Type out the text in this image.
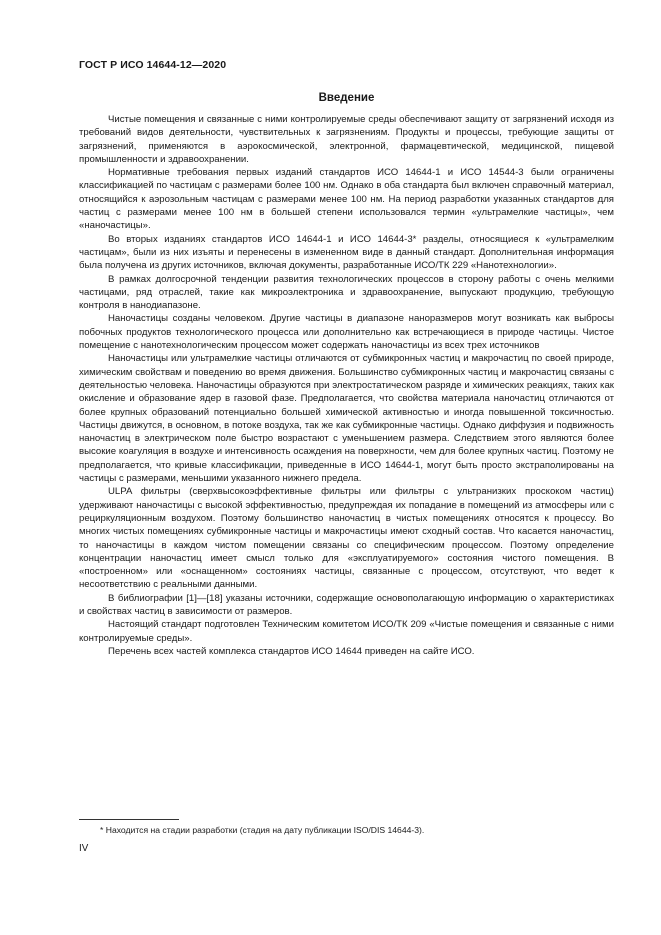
ГОСТ Р ИСО 14644-12—2020
Введение

Чистые помещения и связанные с ними контролируемые среды обеспечивают защиту от загрязнений исходя из требований видов деятельности, чувствительных к загрязнениям. Продукты и процессы, требующие защиты от загрязнений, применяются в аэрокосмической, электронной, фармацевтической, медицинской, пищевой промышленности и здравоохранении.

Нормативные требования первых изданий стандартов ИСО 14644-1 и ИСО 14544-3 были ограничены классификацией по частицам с размерами более 100 нм. Однако в оба стандарта был включен справочный материал, относящийся к аэрозольным частицам с размерами менее 100 нм. На период разработки указанных стандартов для частиц с размерами менее 100 нм в большей степени использовался термин «ультрамелкие частицы», чем «наночастицы».

Во вторых изданиях стандартов ИСО 14644-1 и ИСО 14644-3* разделы, относящиеся к «ультрамелким частицам», были из них изъяты и перенесены в измененном виде в данный стандарт. Дополнительная информация была получена из других источников, включая документы, разработанные ИСО/ТК 229 «Нанотехнологии».

В рамках долгосрочной тенденции развития технологических процессов в сторону работы с очень мелкими частицами, ряд отраслей, такие как микроэлектроника и здравоохранение, выпускают продукцию, требующую контроля в нанодиапазоне.

Наночастицы созданы человеком. Другие частицы в диапазоне наноразмеров могут возникать как выбросы побочных продуктов технологического процесса или дополнительно как встречающиеся в природе частицы. Чистое помещение с нанотехнологическим процессом может содержать наночастицы из всех трех источников

Наночастицы или ультрамелкие частицы отличаются от субмикронных частиц и макрочастиц по своей природе, химическим свойствам и поведению во время движения. Большинство субмикронных частиц и макрочастиц связаны с деятельностью человека. Наночастицы образуются при электростатическом разряде и химических реакциях, таких как окисление и образование ядер в газовой фазе. Предполагается, что свойства материала наночастиц отличаются от более крупных образований потенциально большей химической активностью и иногда повышенной токсичностью. Частицы движутся, в основном, в потоке воздуха, так же как субмикронные частицы. Однако диффузия и подвижность наночастиц в электрическом поле быстро возрастают с уменьшением размера. Следствием этого являются более высокие коагуляция в воздухе и интенсивность осаждения на поверхности, чем для более крупных частиц. Поэтому не предполагается, что кривые классификации, приведенные в ИСО 14644-1, могут быть просто экстраполированы на частицы с размерами, меньшими указанного нижнего предела.

ULPA фильтры (сверхвысокоэффективные фильтры или фильтры с ультранизких проскоком частиц) удерживают наночастицы с высокой эффективностью, предупреждая их попадание в помещений из атмосферы или с рециркуляционным воздухом. Поэтому большинство наночастиц в чистых помещениях относятся к процессу. Во многих чистых помещениях субмикронные частицы и макрочастицы имеют сходный состав. Что касается наночастиц, то наночастицы в каждом чистом помещении связаны со специфическим процессом. Поэтому определение концентрации наночастиц имеет смысл только для «эксплуатируемого» состояния чистого помещения. В «построенном» или «оснащенном» состояниях частицы, связанные с процессом, отсутствуют, что ведет к несоответствию с реальными данными.

В библиографии [1]—[18] указаны источники, содержащие основополагающую информацию о характеристиках и свойствах частиц в зависимости от размеров.

Настоящий стандарт подготовлен Техническим комитетом ИСО/ТК 209 «Чистые помещения и связанные с ними контролируемые среды».

Перечень всех частей комплекса стандартов ИСО 14644 приведен на сайте ИСО.

* Находится на стадии разработки (стадия на дату публикации ISO/DIS 14644-3).
IV
